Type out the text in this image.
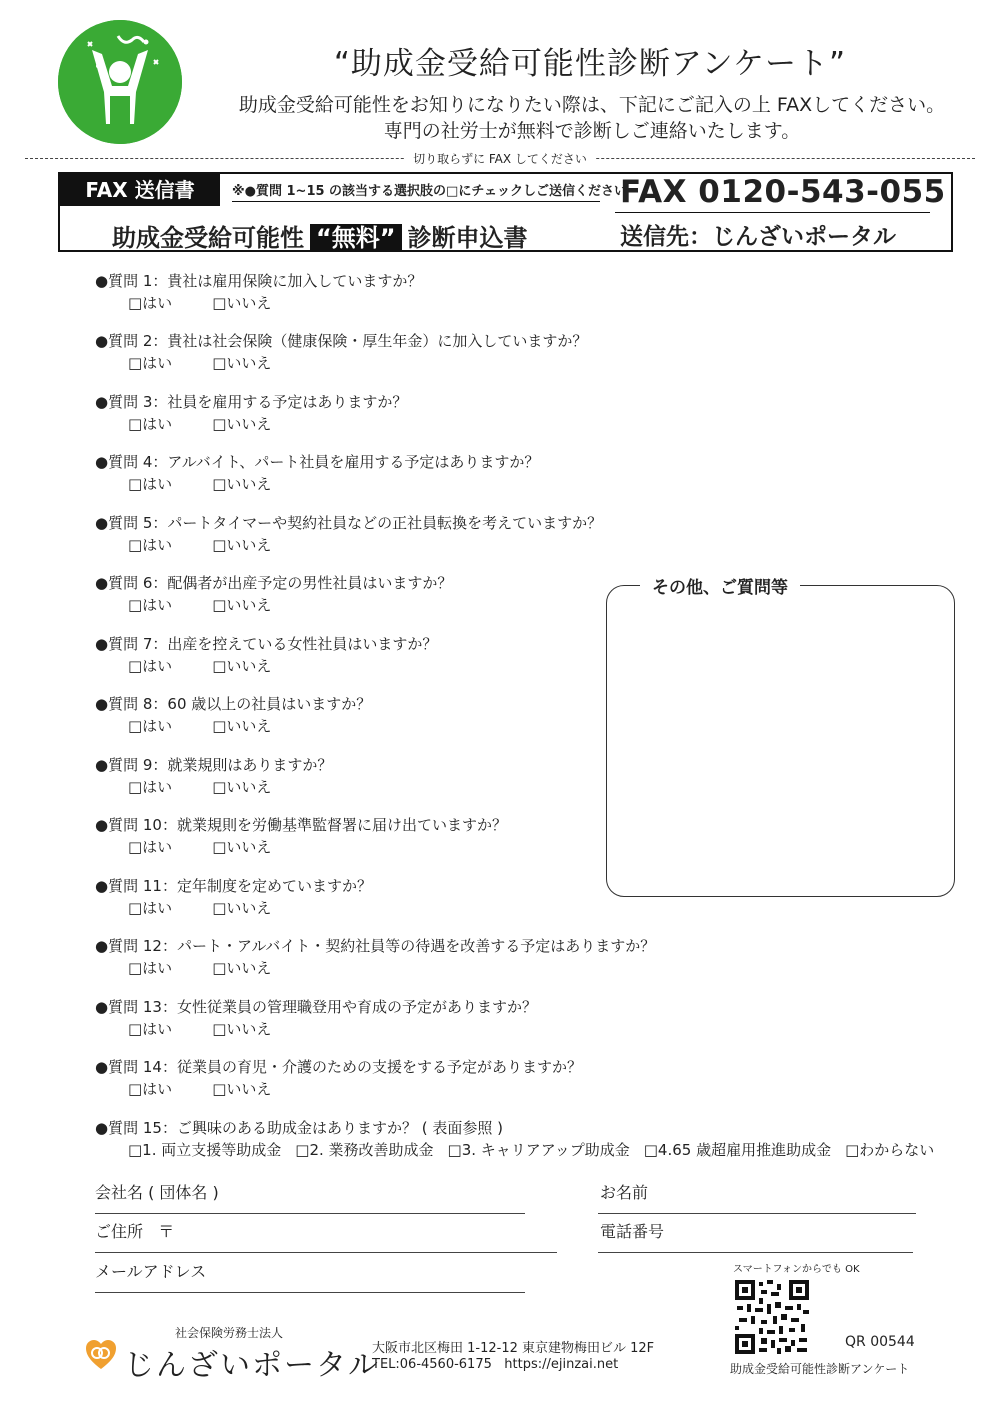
“助成金受給可能性診断アンケート”
助成金受給可能性をお知りになりたい際は、下記にご記入の上 FAXしてください。
専門の社労士が無料で診断しご連絡いたします。
切り取らずに FAX してください
FAX 送信書	※●質問 1~15 の該当する選択肢の□にチェックしご送信ください
FAX 0120-543-055
助成金受給可能性 “無料” 診断申込書	送信先：じんざいポータル
●質問 1：貴社は雇用保険に加入していますか？
□はい	□いいえ
●質問 2：貴社は社会保険（健康保険・厚生年金）に加入していますか？
□はい	□いいえ
●質問 3：社員を雇用する予定はありますか？
□はい	□いいえ
●質問 4：アルバイト、パート社員を雇用する予定はありますか？
□はい	□いいえ
●質問 5：パートタイマーや契約社員などの正社員転換を考えていますか？
□はい	□いいえ
●質問 6：配偶者が出産予定の男性社員はいますか？
□はい	□いいえ
●質問 7：出産を控えている女性社員はいますか？
□はい	□いいえ
●質問 8：60 歳以上の社員はいますか？
□はい	□いいえ
●質問 9：就業規則はありますか？
□はい	□いいえ
●質問 10：就業規則を労働基準監督署に届け出ていますか？
□はい	□いいえ
●質問 11：定年制度を定めていますか？
□はい	□いいえ
●質問 12：パート・アルバイト・契約社員等の待遇を改善する予定はありますか？
□はい	□いいえ
●質問 13：女性従業員の管理職登用や育成の予定がありますか？
□はい	□いいえ
●質問 14：従業員の育児・介護のための支援をする予定がありますか？
□はい	□いいえ
●質問 15：ご興味のある助成金はありますか？ ( 表面参照 )
□1. 両立支援等助成金 □2. 業務改善助成金 □3. キャリアアップ助成金 □4.65 歳超雇用推進助成金 □わからない
その他、ご質問等
会社名 ( 団体名 )	お名前
ご住所 〒	電話番号
メールアドレス
社会保険労務士法人
じんざいポータル
大阪市北区梅田 1-12-12 東京建物梅田ビル 12F
TEL:06-4560-6175 https://ejinzai.net
スマートフォンからでも OK
QR 00544
助成金受給可能性診断アンケート
